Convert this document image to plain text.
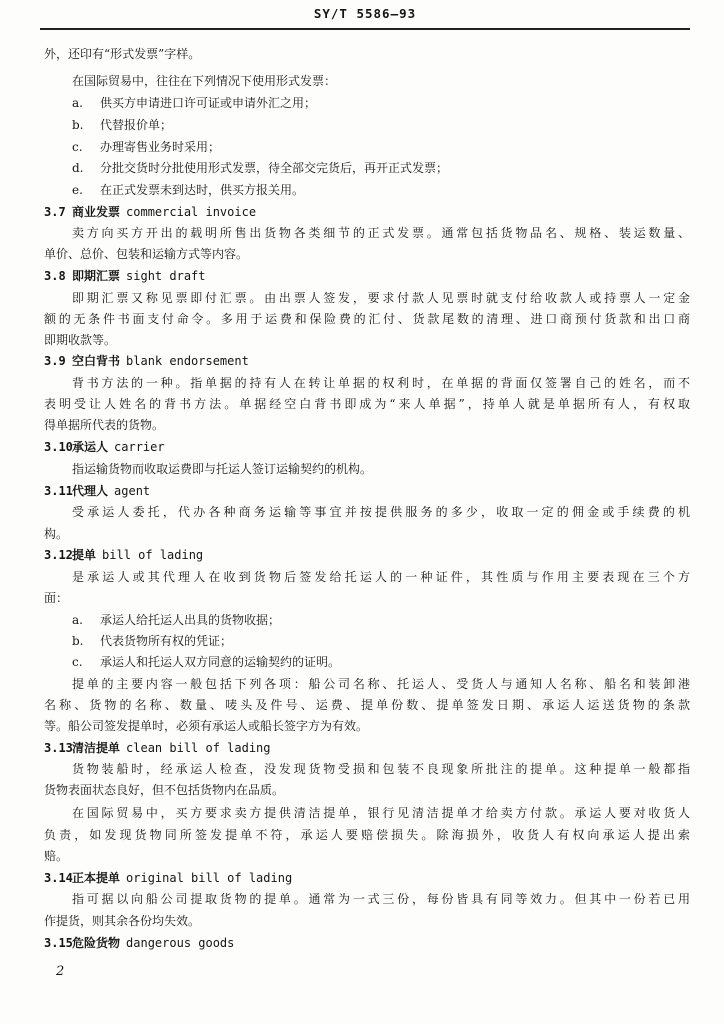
SY/T 5586—93
外，还印有“形式发票”字样。
在国际贸易中，往往在下列情况下使用形式发票：
a. 供买方申请进口许可证或申请外汇之用；
b. 代替报价单；
c. 办理寄售业务时采用；
d. 分批交货时分批使用形式发票，待全部交完货后，再开正式发票；
e. 在正式发票未到达时，供买方报关用。
3.7 商业发票 commercial invoice
卖方向买方开出的载明所售出货物各类细节的正式发票。通常包括货物品名、规格、装运数量、
单价、总价、包装和运输方式等内容。
3.8 即期汇票 sight draft
即期汇票又称见票即付汇票。由出票人签发，要求付款人见票时就支付给收款人或持票人一定金
额的无条件书面支付命令。多用于运费和保险费的汇付、货款尾数的清理、进口商预付货款和出口商
即期收款等。
3.9 空白背书 blank endorsement
背书方法的一种。指单据的持有人在转让单据的权利时，在单据的背面仅签署自己的姓名，而不
表明受让人姓名的背书方法。单据经空白背书即成为“来人单据”，持单人就是单据所有人，有权取
得单据所代表的货物。
3.10承运人 carrier
指运输货物而收取运费即与托运人签订运输契约的机构。
3.11代理人 agent
受承运人委托，代办各种商务运输等事宜并按提供服务的多少，收取一定的佣金或手续费的机
构。
3.12提单 bill of lading
是承运人或其代理人在收到货物后签发给托运人的一种证件，其性质与作用主要表现在三个方
面：
a. 承运人给托运人出具的货物收据；
b. 代表货物所有权的凭证；
c. 承运人和托运人双方同意的运输契约的证明。
提单的主要内容一般包括下列各项：船公司名称、托运人、受货人与通知人名称、船名和装卸港
名称、货物的名称、数量、唛头及件号、运费、提单份数、提单签发日期、承运人运送货物的条款
等。船公司签发提单时，必须有承运人或船长签字方为有效。
3.13清洁提单 clean bill of lading
货物装船时，经承运人检查，没发现货物受损和包装不良现象所批注的提单。这种提单一般都指
货物表面状态良好，但不包括货物内在品质。
在国际贸易中，买方要求卖方提供清洁提单，银行见清洁提单才给卖方付款。承运人要对收货人
负责，如发现货物同所签发提单不符，承运人要赔偿损失。除海损外，收货人有权向承运人提出索
赔。
3.14正本提单 original bill of lading
指可据以向船公司提取货物的提单。通常为一式三份，每份皆具有同等效力。但其中一份若已用
作提货，则其余各份均失效。
3.15危险货物 dangerous goods
2
